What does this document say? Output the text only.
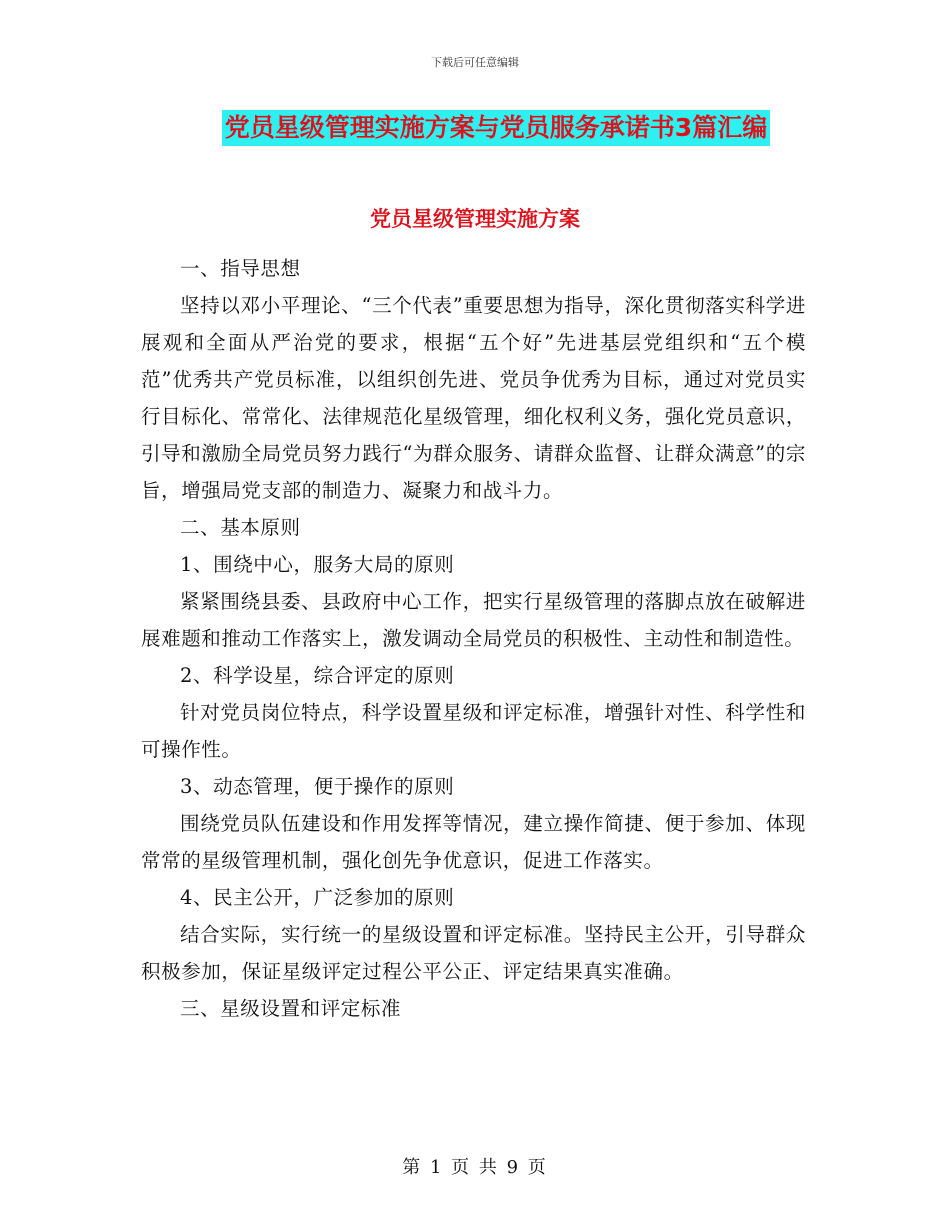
下载后可任意编辑
党员星级管理实施方案与党员服务承诺书3篇汇编
党员星级管理实施方案

一、指导思想

坚持以邓小平理论、“三个代表”重要思想为指导，深化贯彻落实科学进展观和全面从严治党的要求，根据“五个好”先进基层党组织和“五个模范”优秀共产党员标准，以组织创先进、党员争优秀为目标，通过对党员实行目标化、常常化、法律规范化星级管理，细化权利义务，强化党员意识，引导和激励全局党员努力践行“为群众服务、请群众监督、让群众满意”的宗旨，增强局党支部的制造力、凝聚力和战斗力。

二、基本原则

1、围绕中心，服务大局的原则

紧紧围绕县委、县政府中心工作，把实行星级管理的落脚点放在破解进展难题和推动工作落实上，激发调动全局党员的积极性、主动性和制造性。

2、科学设星，综合评定的原则

针对党员岗位特点，科学设置星级和评定标准，增强针对性、科学性和可操作性。

3、动态管理，便于操作的原则

围绕党员队伍建设和作用发挥等情况，建立操作简捷、便于参加、体现常常的星级管理机制，强化创先争优意识，促进工作落实。

4、民主公开，广泛参加的原则

结合实际，实行统一的星级设置和评定标准。坚持民主公开，引导群众积极参加，保证星级评定过程公平公正、评定结果真实准确。

三、星级设置和评定标准

第 1 页 共 9 页
